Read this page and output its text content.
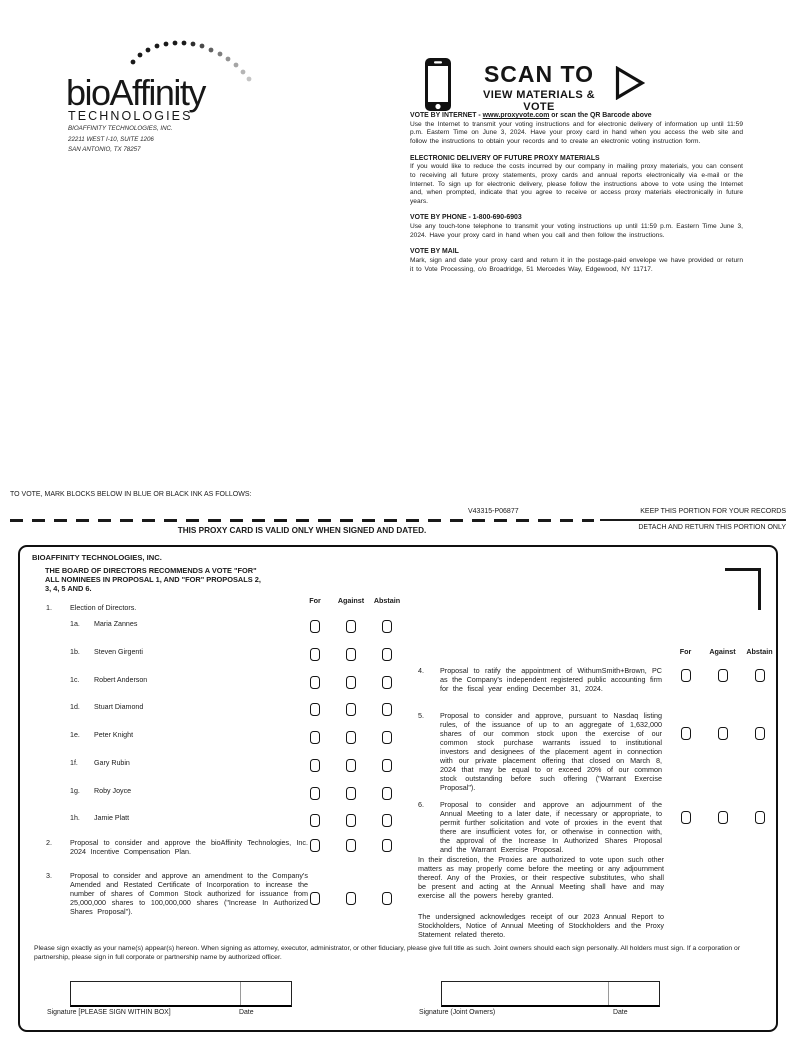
bioAffinity
TECHNOLOGIES
BIOAFFINITY TECHNOLOGIES, INC.
22211 WEST I-10, SUITE 1206
SAN ANTONIO, TX 78257
SCAN TO
VIEW MATERIALS & VOTE
VOTE BY INTERNET - www.proxyvote.com or scan the QR Barcode above
Use the Internet to transmit your voting instructions and for electronic delivery of information up until 11:59 p.m. Eastern Time on June 3, 2024. Have your proxy card in hand when you access the web site and follow the instructions to obtain your records and to create an electronic voting instruction form.
ELECTRONIC DELIVERY OF FUTURE PROXY MATERIALS
If you would like to reduce the costs incurred by our company in mailing proxy materials, you can consent to receiving all future proxy statements, proxy cards and annual reports electronically via e-mail or the Internet. To sign up for electronic delivery, please follow the instructions above to vote using the Internet and, when prompted, indicate that you agree to receive or access proxy materials electronically in future years.
VOTE BY PHONE - 1-800-690-6903
Use any touch-tone telephone to transmit your voting instructions up until 11:59 p.m. Eastern Time June 3, 2024. Have your proxy card in hand when you call and then follow the instructions.
VOTE BY MAIL
Mark, sign and date your proxy card and return it in the postage-paid envelope we have provided or return it to Vote Processing, c/o Broadridge, 51 Mercedes Way, Edgewood, NY 11717.
TO VOTE, MARK BLOCKS BELOW IN BLUE OR BLACK INK AS FOLLOWS:
V43315-P06877	KEEP THIS PORTION FOR YOUR RECORDS
THIS PROXY CARD IS VALID ONLY WHEN SIGNED AND DATED.	DETACH AND RETURN THIS PORTION ONLY
BIOAFFINITY TECHNOLOGIES, INC.
THE BOARD OF DIRECTORS RECOMMENDS A VOTE "FOR"
ALL NOMINEES IN PROPOSAL 1, AND "FOR" PROPOSALS 2,
3, 4, 5 AND 6.
For	Against	Abstain
1.	Election of Directors.
1a. Maria Zannes
1b. Steven Girgenti
1c. Robert Anderson
1d. Stuart Diamond
1e. Peter Knight
1f. Gary Rubin
1g. Roby Joyce
1h. Jamie Platt
2.	Proposal to consider and approve the bioAffinity Technologies, Inc. 2024 Incentive Compensation Plan.
3.	Proposal to consider and approve an amendment to the Company's Amended and Restated Certificate of Incorporation to increase the number of shares of Common Stock authorized for issuance from 25,000,000 shares to 100,000,000 shares ("Increase In Authorized Shares Proposal").
For	Against	Abstain
4. Proposal to ratify the appointment of WithumSmith+Brown, PC as the Company's independent registered public accounting firm for the fiscal year ending December 31, 2024.
5. Proposal to consider and approve, pursuant to Nasdaq listing rules, of the issuance of up to an aggregate of 1,632,000 shares of our common stock upon the exercise of our common stock purchase warrants issued to institutional investors and designees of the placement agent in connection with our private placement offering that closed on March 8, 2024 that may be equal to or exceed 20% of our common stock outstanding before such offering ("Warrant Exercise Proposal").
6. Proposal to consider and approve an adjournment of the Annual Meeting to a later date, if necessary or appropriate, to permit further solicitation and vote of proxies in the event that there are insufficient votes for, or otherwise in connection with, the approval of the Increase In Authorized Shares Proposal and the Warrant Exercise Proposal.
In their discretion, the Proxies are authorized to vote upon such other matters as may properly come before the meeting or any adjournment thereof. Any of the Proxies, or their respective substitutes, who shall be present and acting at the Annual Meeting shall have and may exercise all the powers hereby granted.
The undersigned acknowledges receipt of our 2023 Annual Report to Stockholders, Notice of Annual Meeting of Stockholders and the Proxy Statement related thereto.
Please sign exactly as your name(s) appear(s) hereon. When signing as attorney, executor, administrator, or other fiduciary, please give full title as such. Joint owners should each sign personally. All holders must sign. If a corporation or partnership, please sign in full corporate or partnership name by authorized officer.
Signature [PLEASE SIGN WITHIN BOX]	Date	Signature (Joint Owners)	Date
